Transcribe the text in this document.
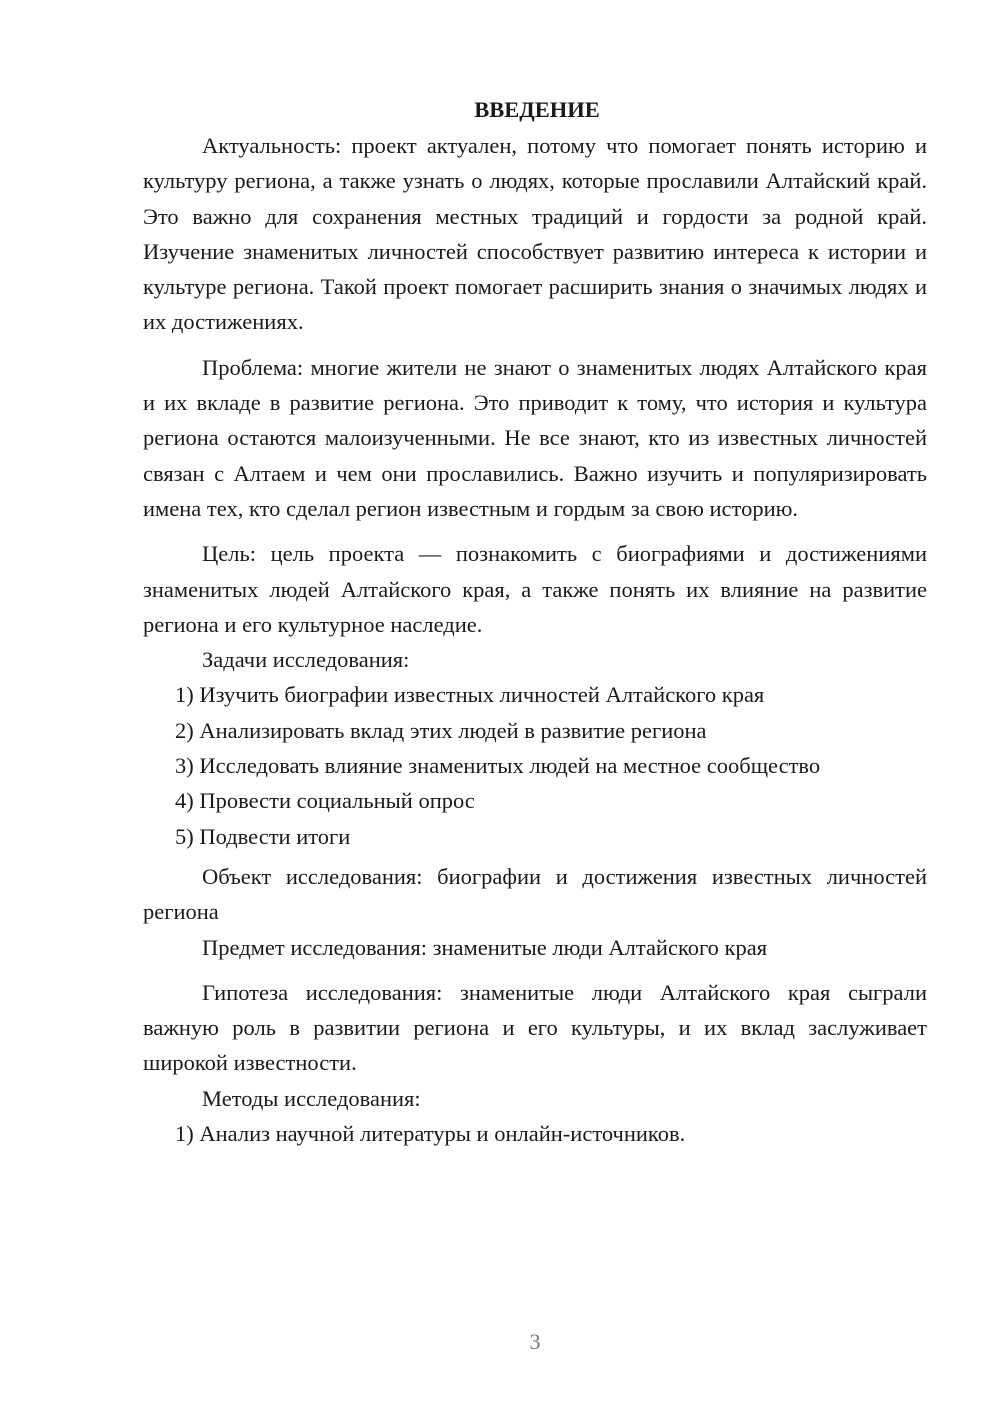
ВВЕДЕНИЕ

Актуальность: проект актуален, потому что помогает понять историю и культуру региона, а также узнать о людях, которые прославили Алтайский край. Это важно для сохранения местных традиций и гордости за родной край. Изучение знаменитых личностей способствует развитию интереса к истории и культуре региона. Такой проект помогает расширить знания о значимых людях и их достижениях.

Проблема: многие жители не знают о знаменитых людях Алтайского края и их вкладе в развитие региона. Это приводит к тому, что история и культура региона остаются малоизученными. Не все знают, кто из известных личностей связан с Алтаем и чем они прославились. Важно изучить и популяризировать имена тех, кто сделал регион известным и гордым за свою историю.

Цель: цель проекта — познакомить с биографиями и достижениями знаменитых людей Алтайского края, а также понять их влияние на развитие региона и его культурное наследие.

Задачи исследования:

1) Изучить биографии известных личностей Алтайского края

2) Анализировать вклад этих людей в развитие региона

3) Исследовать влияние знаменитых людей на местное сообщество

4) Провести социальный опрос

5) Подвести итоги

Объект исследования: биографии и достижения известных личностей региона

Предмет исследования: знаменитые люди Алтайского края

Гипотеза исследования: знаменитые люди Алтайского края сыграли важную роль в развитии региона и его культуры, и их вклад заслуживает широкой известности.

Методы исследования:

1) Анализ научной литературы и онлайн-источников.

3
